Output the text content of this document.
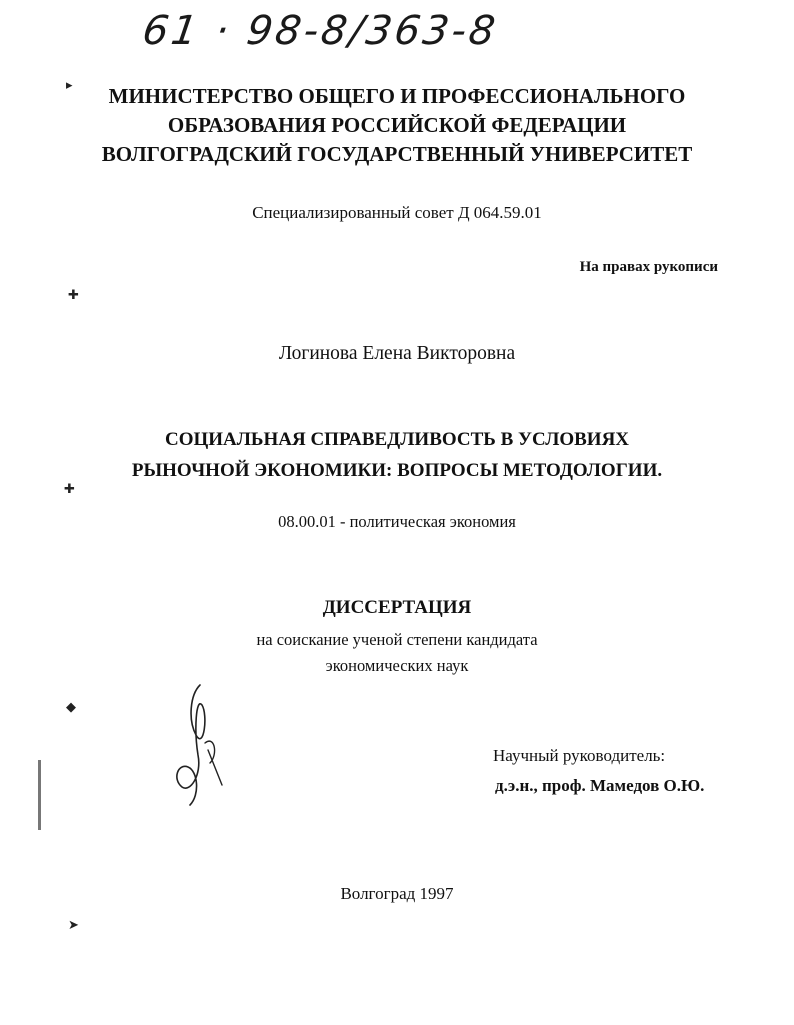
61 · 98-8/363-8
МИНИСТЕРСТВО ОБЩЕГО И ПРОФЕССИОНАЛЬНОГО
ОБРАЗОВАНИЯ РОССИЙСКОЙ ФЕДЕРАЦИИ
ВОЛГОГРАДСКИЙ ГОСУДАРСТВЕННЫЙ УНИВЕРСИТЕТ
Специализированный совет Д 064.59.01
На правах рукописи
Логинова Елена Викторовна
СОЦИАЛЬНАЯ СПРАВЕДЛИВОСТЬ В УСЛОВИЯХ
РЫНОЧНОЙ ЭКОНОМИКИ: ВОПРОСЫ МЕТОДОЛОГИИ.
08.00.01 - политическая экономия
ДИССЕРТАЦИЯ
на соискание ученой степени кандидата
экономических наук
Научный руководитель:
д.э.н., проф. Мамедов О.Ю.
Волгоград 1997
▸
✚
✚
◆
➤
